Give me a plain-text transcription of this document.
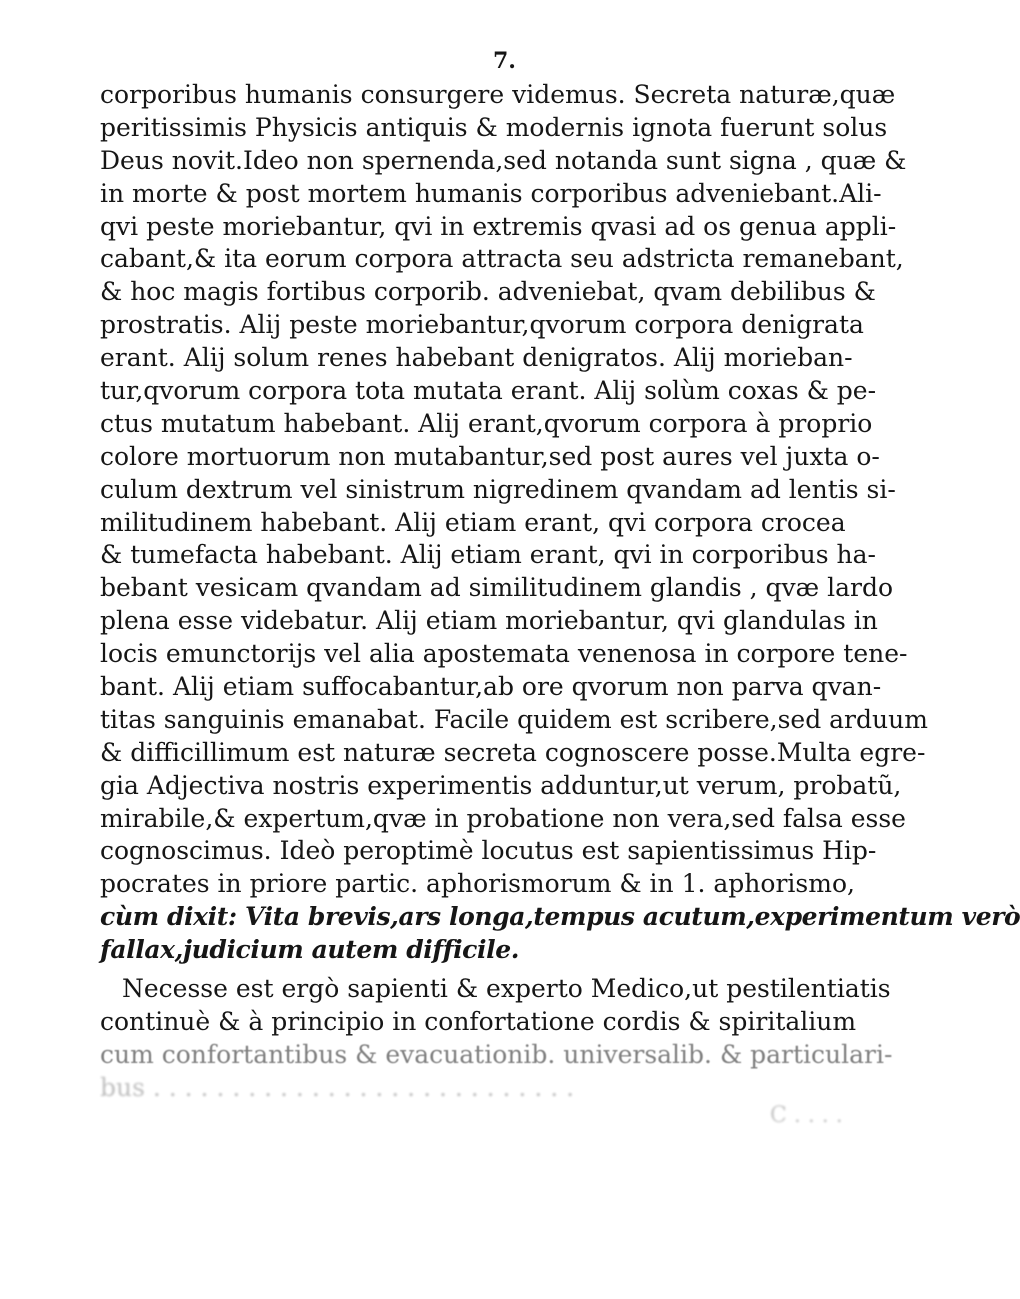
7.
corporibus humanis consurgere videmus. Secreta naturæ,quæ
peritissimis Physicis antiquis & modernis ignota fuerunt solus
Deus novit.Ideo non spernenda,sed notanda sunt signa , quæ &
in morte & post mortem humanis corporibus adveniebant.Ali-
qvi peste moriebantur, qvi in extremis qvasi ad os genua appli-
cabant,& ita eorum corpora attracta seu adstricta remanebant,
& hoc magis fortibus corporib. adveniebat, qvam debilibus &
prostratis. Alij peste moriebantur,qvorum corpora denigrata
erant. Alij solum renes habebant denigratos. Alij morieban-
tur,qvorum corpora tota mutata erant. Alij solùm coxas & pe-
ctus mutatum habebant. Alij erant,qvorum corpora à proprio
colore mortuorum non mutabantur,sed post aures vel juxta o-
culum dextrum vel sinistrum nigredinem qvandam ad lentis si-
militudinem habebant. Alij etiam erant, qvi corpora crocea
& tumefacta habebant. Alij etiam erant, qvi in corporibus ha-
bebant vesicam qvandam ad similitudinem glandis , qvæ lardo
plena esse videbatur. Alij etiam moriebantur, qvi glandulas in
locis emunctorijs vel alia apostemata venenosa in corpore tene-
bant. Alij etiam suffocabantur,ab ore qvorum non parva qvan-
titas sanguinis emanabat. Facile quidem est scribere,sed arduum
& difficillimum est naturæ secreta cognoscere posse.Multa egre-
gia Adjectiva nostris experimentis adduntur,ut verum, probatũ,
mirabile,& expertum,qvæ in probatione non vera,sed falsa esse
cognoscimus. Ideò peroptimè locutus est sapientissimus Hip-
pocrates in priore partic. aphorismorum & in 1. aphorismo,
cùm dixit: Vita brevis,ars longa,tempus acutum,experimentum verò
fallax,judicium autem difficile.
Necesse est ergò sapienti & experto Medico,ut pestilentiatis
continuè & à principio in confortatione cordis & spiritalium
cum confortantibus & evacuationib. universalib. & particulari-
bus . . . . . . . . . . . . . . . . . . . . . . . . . . .
C . . . .
